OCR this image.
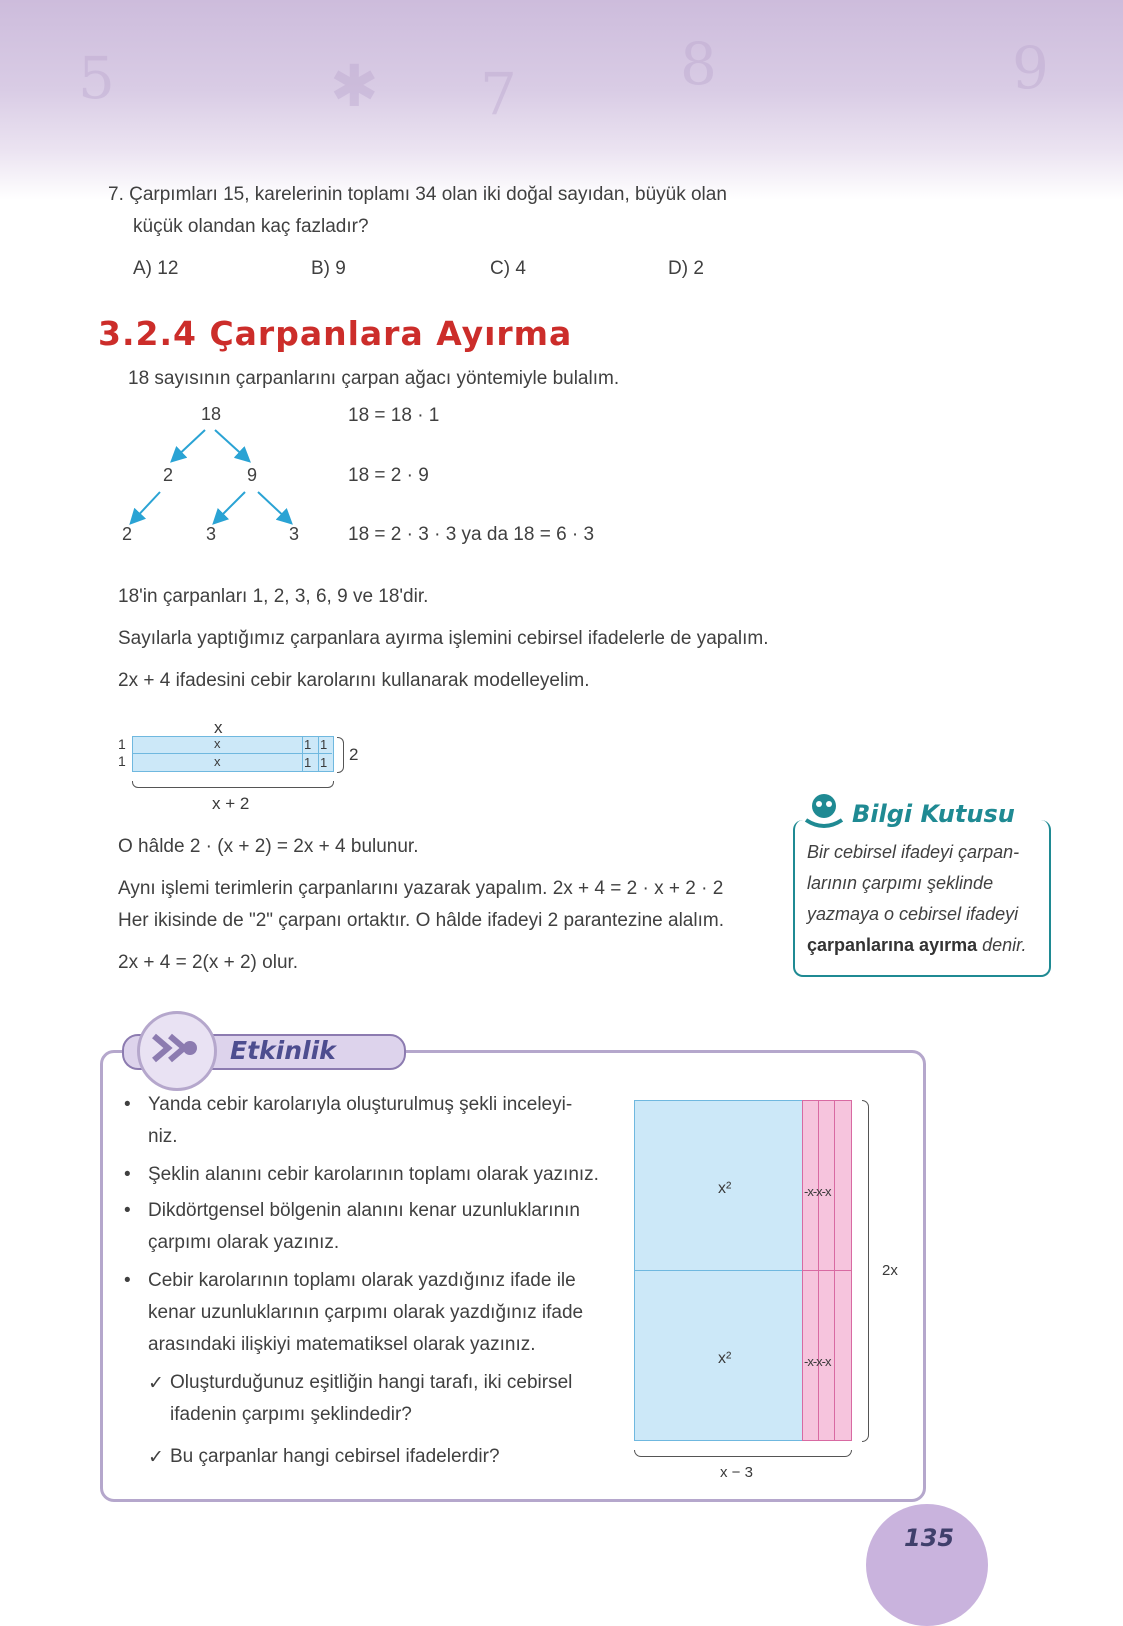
5	✱ 7	8	9
7. Çarpımları 15, karelerinin toplamı 34 olan iki doğal sayıdan, büyük olan
küçük olandan kaç fazladır?
A) 12	B) 9	C) 4	D) 2
3.2.4 Çarpanlara Ayırma
18 sayısının çarpanlarını çarpan ağacı yöntemiyle bulalım.
18
2	9
2	3	3
18 = 18 · 1
18 = 2 · 9
18 = 2 · 3 · 3 ya da 18 = 6 · 3
18'in çarpanları 1, 2, 3, 6, 9 ve 18'dir.
Sayılarla yaptığımız çarpanlara ayırma işlemini cebirsel ifadelerle de yapalım.
2x + 4 ifadesini cebir karolarını kullanarak modelleyelim.
x
x
x
1 1
1 1
1
1	2
x + 2
O hâlde 2 · (x + 2) = 2x + 4 bulunur.
Aynı işlemi terimlerin çarpanlarını yazarak yapalım. 2x + 4 = 2 · x + 2 · 2
Her ikisinde de "2" çarpanı ortaktır. O hâlde ifadeyi 2 parantezine alalım.
2x + 4 = 2(x + 2) olur.
Bilgi Kutusu
Bir cebirsel ifadeyi çarpan-
larının çarpımı şeklinde
yazmaya o cebirsel ifadeyi
çarpanlarına ayırma denir.
Etkinlik
• Yanda cebir karolarıyla oluşturulmuş şekli inceleyi-
niz.
• Şeklin alanını cebir karolarının toplamı olarak yazınız.
• Dikdörtgensel bölgenin alanını kenar uzunluklarının
çarpımı olarak yazınız.
• Cebir karolarının toplamı olarak yazdığınız ifade ile
kenar uzunluklarının çarpımı olarak yazdığınız ifade
arasındaki ilişkiyi matematiksel olarak yazınız.
✓ Oluşturduğunuz eşitliğin hangi tarafı, iki cebirsel
ifadenin çarpımı şeklindedir?
✓ Bu çarpanlar hangi cebirsel ifadelerdir?
x²
x²
-x-x-x
-x-x-x
2x
x − 3
135
